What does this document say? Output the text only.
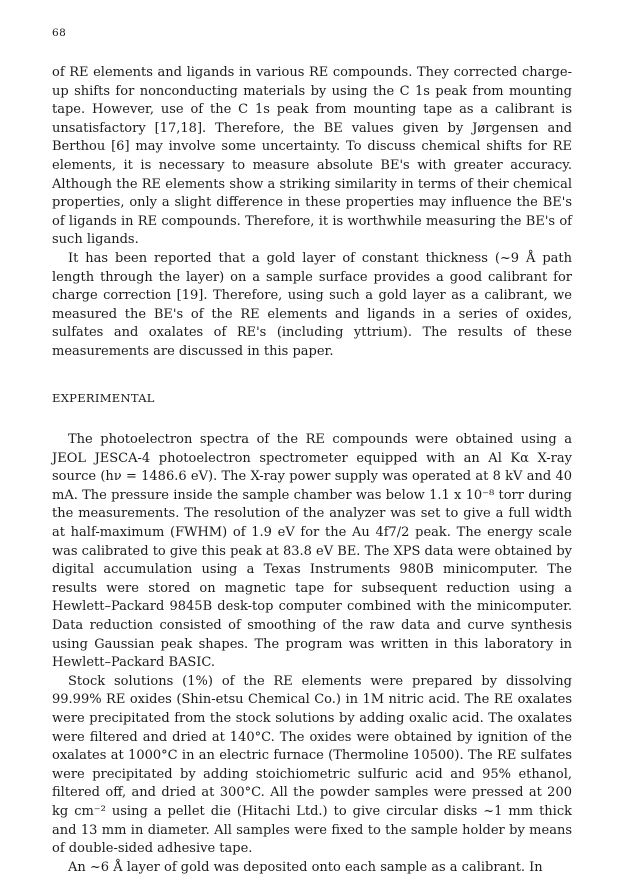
68

of RE elements and ligands in various RE compounds. They corrected charge-up shifts for nonconducting materials by using the C 1s peak from mounting tape. However, use of the C 1s peak from mounting tape as a calibrant is unsatisfactory [17,18]. Therefore, the BE values given by Jørgensen and Berthou [6] may involve some uncertainty. To discuss chemical shifts for RE elements, it is necessary to measure absolute BE's with greater accuracy. Although the RE elements show a striking similarity in terms of their chemical properties, only a slight difference in these properties may influence the BE's of ligands in RE compounds. Therefore, it is worthwhile measuring the BE's of such ligands.

It has been reported that a gold layer of constant thickness (~9 Å path length through the layer) on a sample surface provides a good calibrant for charge correction [19]. Therefore, using such a gold layer as a calibrant, we measured the BE's of the RE elements and ligands in a series of oxides, sulfates and oxalates of RE's (including yttrium). The results of these measurements are discussed in this paper.

EXPERIMENTAL

The photoelectron spectra of the RE compounds were obtained using a JEOL JESCA-4 photoelectron spectrometer equipped with an Al Kα X-ray source (hν = 1486.6 eV). The X-ray power supply was operated at 8 kV and 40 mA. The pressure inside the sample chamber was below 1.1 x 10⁻⁸ torr during the measurements. The resolution of the analyzer was set to give a full width at half-maximum (FWHM) of 1.9 eV for the Au 4f7/2 peak. The energy scale was calibrated to give this peak at 83.8 eV BE. The XPS data were obtained by digital accumulation using a Texas Instruments 980B minicomputer. The results were stored on magnetic tape for subsequent reduction using a Hewlett–Packard 9845B desk-top computer combined with the minicomputer. Data reduction consisted of smoothing of the raw data and curve synthesis using Gaussian peak shapes. The program was written in this laboratory in Hewlett–Packard BASIC.

Stock solutions (1%) of the RE elements were prepared by dissolving 99.99% RE oxides (Shin-etsu Chemical Co.) in 1M nitric acid. The RE oxalates were precipitated from the stock solutions by adding oxalic acid. The oxalates were filtered and dried at 140°C. The oxides were obtained by ignition of the oxalates at 1000°C in an electric furnace (Thermoline 10500). The RE sulfates were precipitated by adding stoichiometric sulfuric acid and 95% ethanol, filtered off, and dried at 300°C. All the powder samples were pressed at 200 kg cm⁻² using a pellet die (Hitachi Ltd.) to give circular disks ~1 mm thick and 13 mm in diameter. All samples were fixed to the sample holder by means of double-sided adhesive tape.

An ~6 Å layer of gold was deposited onto each sample as a calibrant. In
